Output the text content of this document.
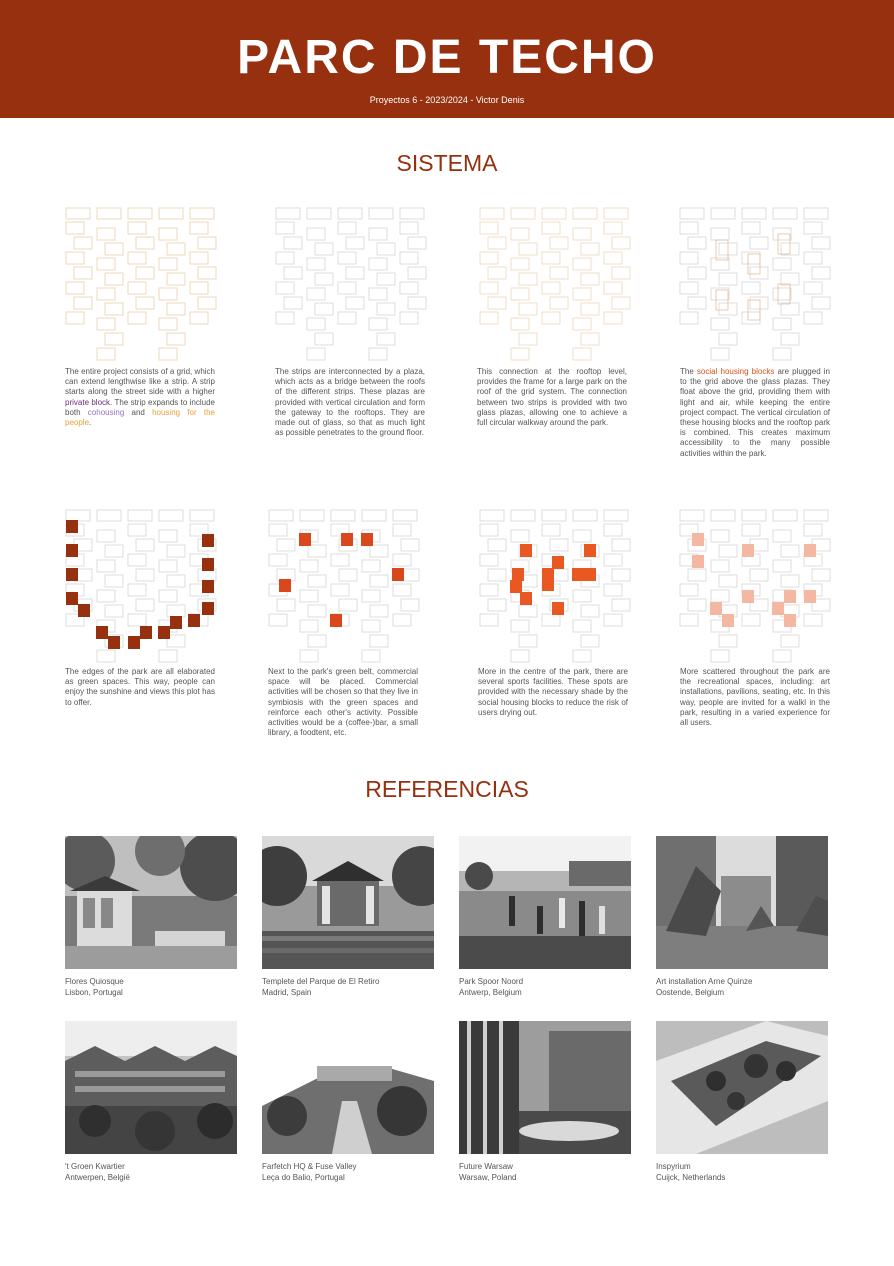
PARC DE TECHO
Proyectos 6 - 2023/2024 - Victor Denis
SISTEMA
The entire project consists of a grid, which can extend lengthwise like a strip. A strip starts along the street side with a higher private block. The strip expands to include both cohousing and housing for the people.
The strips are interconnected by a plaza, which acts as a bridge between the roofs of the different strips. These plazas are provided with vertical circulation and form the gateway to the rooftops. They are made out of glass, so that as much light as possible penetrates to the ground floor.
This connection at the rooftop level, provides the frame for a large park on the roof of the grid system. The connection between two strips is provided with two glass plazas, allowing one to achieve a full circular walkway around the park.
The social housing blocks are plugged in to the grid above the glass plazas. They float above the grid, providing them with light and air, while keeping the entire project compact. The vertical circulation of these housing blocks and the rooftop park is combined. This creates maximum accessibility to the many possible activities within the park.
The edges of the park are all elaborated as green spaces. This way, people can enjoy the sunshine and views this plot has to offer.
Next to the park's green belt, commercial space will be placed. Commercial activities will be chosen so that they live in symbiosis with the green spaces and reinforce each other's activity. Possible activities would be a (coffee-)bar, a small library, a foodtent, etc.
More in the centre of the park, there are several sports facilities. These spots are provided with the necessary shade by the social housing blocks to reduce the risk of users drying out.
More scattered throughout the park are the recreational spaces, including: art installations, pavilions, seating, etc. In this way, people are invited for a walkl in the park, resulting in a varied experience for all users.
REFERENCIAS
Flores Quiosque
Lisbon, Portugal
Templete del Parque de El Retiro
Madrid, Spain
Park Spoor Noord
Antwerp, Belgium
Art installation Arne Quinze
Oostende, Belgium
't Groen Kwartier
Antwerpen, België
Farfetch HQ & Fuse Valley
Leça do Balio, Portugal
Future Warsaw
Warsaw, Poland
Inspyrium
Cuijck, Netherlands
